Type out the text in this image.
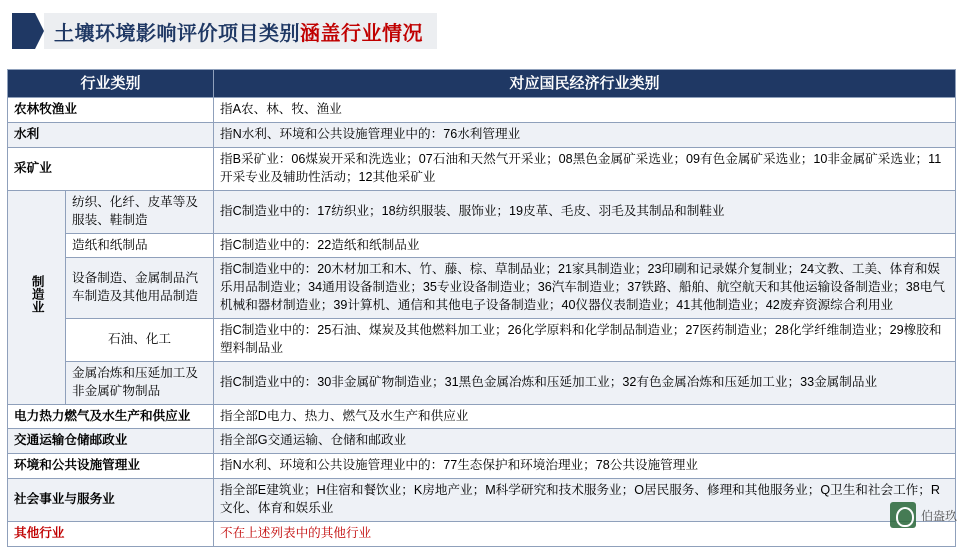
土壤环境影响评价项目类别 涵盖行业情况
行业类别		对应国民经济行业类别
农林牧渔业		指A农、林、牧、渔业
水利		指N水利、环境和公共设施管理业中的：76水利管理业
采矿业		指B采矿业：06煤炭开采和洗选业；07石油和天然气开采业；08黑色金属矿采选业；09有色金属矿采选业；10非金属矿采选业；11开采专业及辅助性活动；12其他采矿业
制造业	纺织、化纤、皮革等及服装、鞋制造	指C制造业中的：17纺织业；18纺织服装、服饰业；19皮革、毛皮、羽毛及其制品和制鞋业
	造纸和纸制品	指C制造业中的：22造纸和纸制品业
	设备制造、金属制品汽车制造及其他用品制造	指C制造业中的：20木材加工和木、竹、藤、棕、草制品业；21家具制造业；23印刷和记录媒介复制业；24文教、工美、体育和娱乐用品制造业；34通用设备制造业；35专业设备制造业；36汽车制造业；37铁路、船舶、航空航天和其他运输设备制造业；38电气机械和器材制造业；39计算机、通信和其他电子设备制造业；40仪器仪表制造业；41其他制造业；42废弃资源综合利用业
	石油、化工	指C制造业中的：25石油、煤炭及其他燃料加工业；26化学原料和化学制品制造业；27医药制造业；28化学纤维制造业；29橡胶和塑料制品业
	金属冶炼和压延加工及非金属矿物制品	指C制造业中的：30非金属矿物制造业；31黑色金属冶炼和压延加工业；32有色金属冶炼和压延加工业；33金属制品业
电力热力燃气及水生产和供应业		指全部D电力、热力、燃气及水生产和供应业
交通运输仓储邮政业		指全部G交通运输、仓储和邮政业
环境和公共设施管理业		指N水利、环境和公共设施管理业中的：77生态保护和环境治理业；78公共设施管理业
社会事业与服务业		指全部E建筑业；H住宿和餐饮业；K房地产业；M科学研究和技术服务业；O居民服务、修理和其他服务业；Q卫生和社会工作；R文化、体育和娱乐业
其他行业		不在上述列表中的其他行业
伯盎玖
